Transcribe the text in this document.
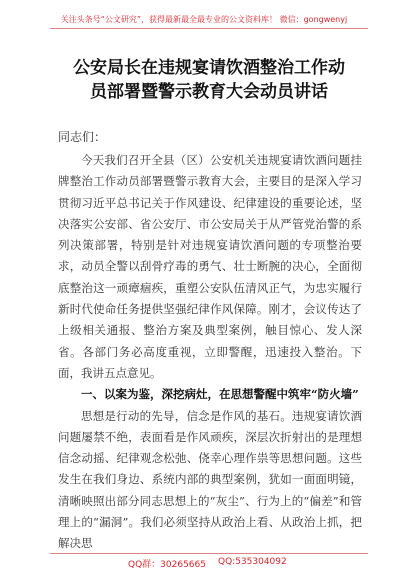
关注头条号“公文研究”，获得最新最全最专业的公文资料库！ 微信：gongwenyj
公安局长在违规宴请饮酒整治工作动
员部署暨警示教育大会动员讲话
同志们：

今天我们召开全县（区）公安机关违规宴请饮酒问题挂牌整治工作动员部署暨警示教育大会，主要目的是深入学习贯彻习近平总书记关于作风建设、纪律建设的重要论述，坚决落实公安部、省公安厅、市公安局关于从严管党治警的系列决策部署，特别是针对违规宴请饮酒问题的专项整治要求，动员全警以刮骨疗毒的勇气、壮士断腕的决心，全面彻底整治这一顽瘴痼疾，重塑公安队伍清风正气，为忠实履行新时代使命任务提供坚强纪律作风保障。刚才，会议传达了上级相关通报、整治方案及典型案例，触目惊心、发人深省。各部门务必高度重视，立即警醒，迅速投入整治。下面，我讲五点意见。

一、以案为鉴，深挖病灶，在思想警醒中筑牢“防火墙”

思想是行动的先导，信念是作风的基石。违规宴请饮酒问题屡禁不绝，表面看是作风顽疾，深层次折射出的是理想信念动摇、纪律观念松弛、侥幸心理作祟等思想问题。这些发生在我们身边、系统内部的典型案例，犹如一面面明镜，清晰映照出部分同志思想上的“灰尘”、行为上的“偏差”和管理上的“漏洞”。我们必须坚持从政治上看、从政治上抓，把解决思

QQ群：30265665 QQ:535304092
